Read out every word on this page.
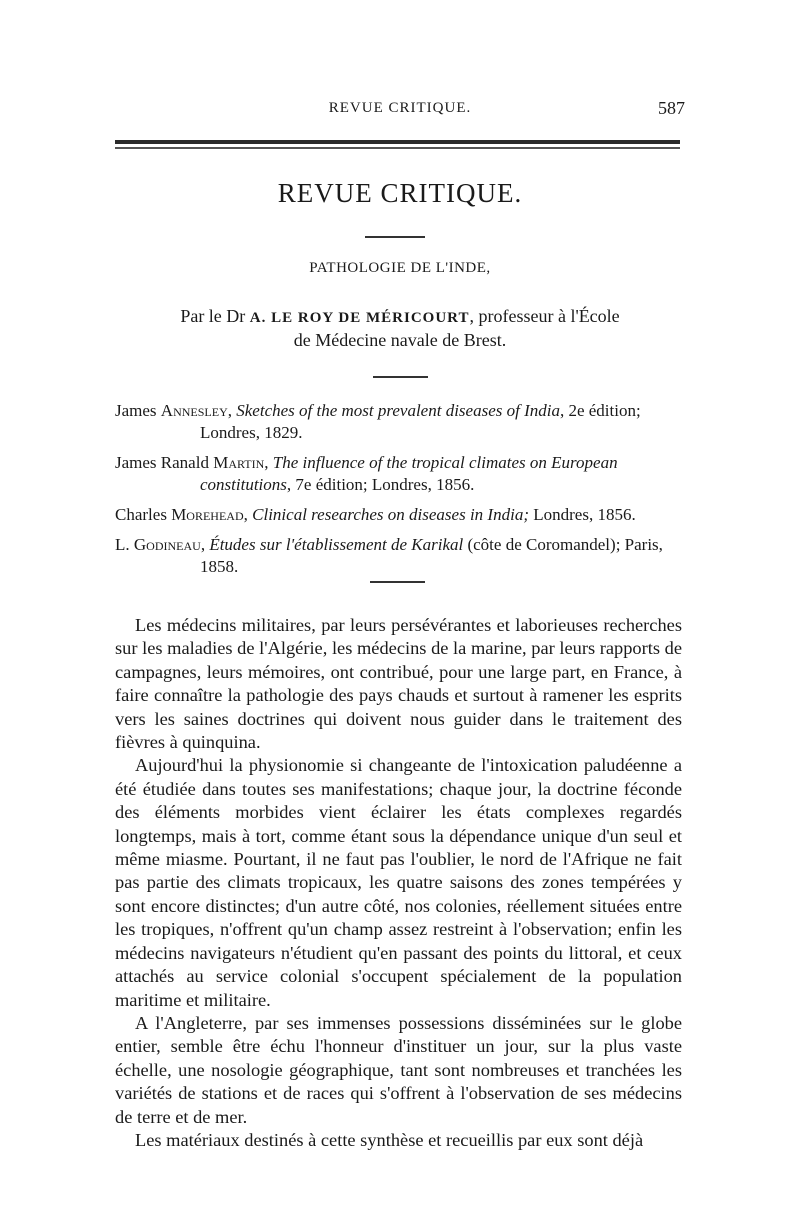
REVUE CRITIQUE.	587
REVUE CRITIQUE.
PATHOLOGIE DE L'INDE,
Par le Dr A. LE ROY DE MÉRICOURT, professeur à l'École
de Médecine navale de Brest.
James Annesley, Sketches of the most prevalent diseases of India, 2e édition; Londres, 1829.
James Ranald Martin, The influence of the tropical climates on European constitutions, 7e édition; Londres, 1856.
Charles Morehead, Clinical researches on diseases in India; Londres, 1856.
L. Godineau, Études sur l'établissement de Karikal (côte de Coromandel); Paris, 1858.

Les médecins militaires, par leurs persévérantes et laborieuses recherches sur les maladies de l'Algérie, les médecins de la marine, par leurs rapports de campagnes, leurs mémoires, ont contribué, pour une large part, en France, à faire connaître la pathologie des pays chauds et surtout à ramener les esprits vers les saines doctrines qui doivent nous guider dans le traitement des fièvres à quinquina.

Aujourd'hui la physionomie si changeante de l'intoxication paludéenne a été étudiée dans toutes ses manifestations; chaque jour, la doctrine féconde des éléments morbides vient éclairer les états complexes regardés longtemps, mais à tort, comme étant sous la dépendance unique d'un seul et même miasme. Pourtant, il ne faut pas l'oublier, le nord de l'Afrique ne fait pas partie des climats tropicaux, les quatre saisons des zones tempérées y sont encore distinctes; d'un autre côté, nos colonies, réellement situées entre les tropiques, n'offrent qu'un champ assez restreint à l'observation; enfin les médecins navigateurs n'étudient qu'en passant des points du littoral, et ceux attachés au service colonial s'occupent spécialement de la population maritime et militaire.

A l'Angleterre, par ses immenses possessions disséminées sur le globe entier, semble être échu l'honneur d'instituer un jour, sur la plus vaste échelle, une nosologie géographique, tant sont nombreuses et tranchées les variétés de stations et de races qui s'offrent à l'observation de ses médecins de terre et de mer.

Les matériaux destinés à cette synthèse et recueillis par eux sont déjà
